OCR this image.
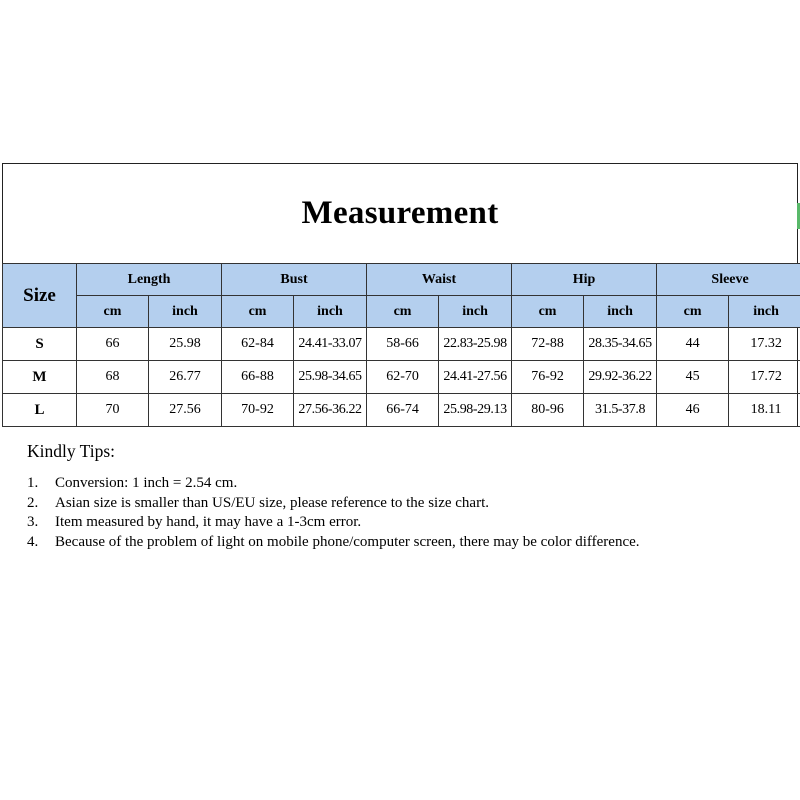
Measurement
Size	Length		Bust		Waist		Hip		Sleeve	
	cm	inch	cm	inch	cm	inch	cm	inch	cm	inch
S	66	25.98	62-84	24.41-33.07	58-66	22.83-25.98	72-88	28.35-34.65	44	17.32
M	68	26.77	66-88	25.98-34.65	62-70	24.41-27.56	76-92	29.92-36.22	45	17.72
L	70	27.56	70-92	27.56-36.22	66-74	25.98-29.13	80-96	31.5-37.8	46	18.11
Kindly Tips:
1. Conversion: 1 inch = 2.54 cm.
2. Asian size is smaller than US/EU size, please reference to the size chart.
3. Item measured by hand, it may have a 1-3cm error.
4. Because of the problem of light on mobile phone/computer screen, there may be color difference.
